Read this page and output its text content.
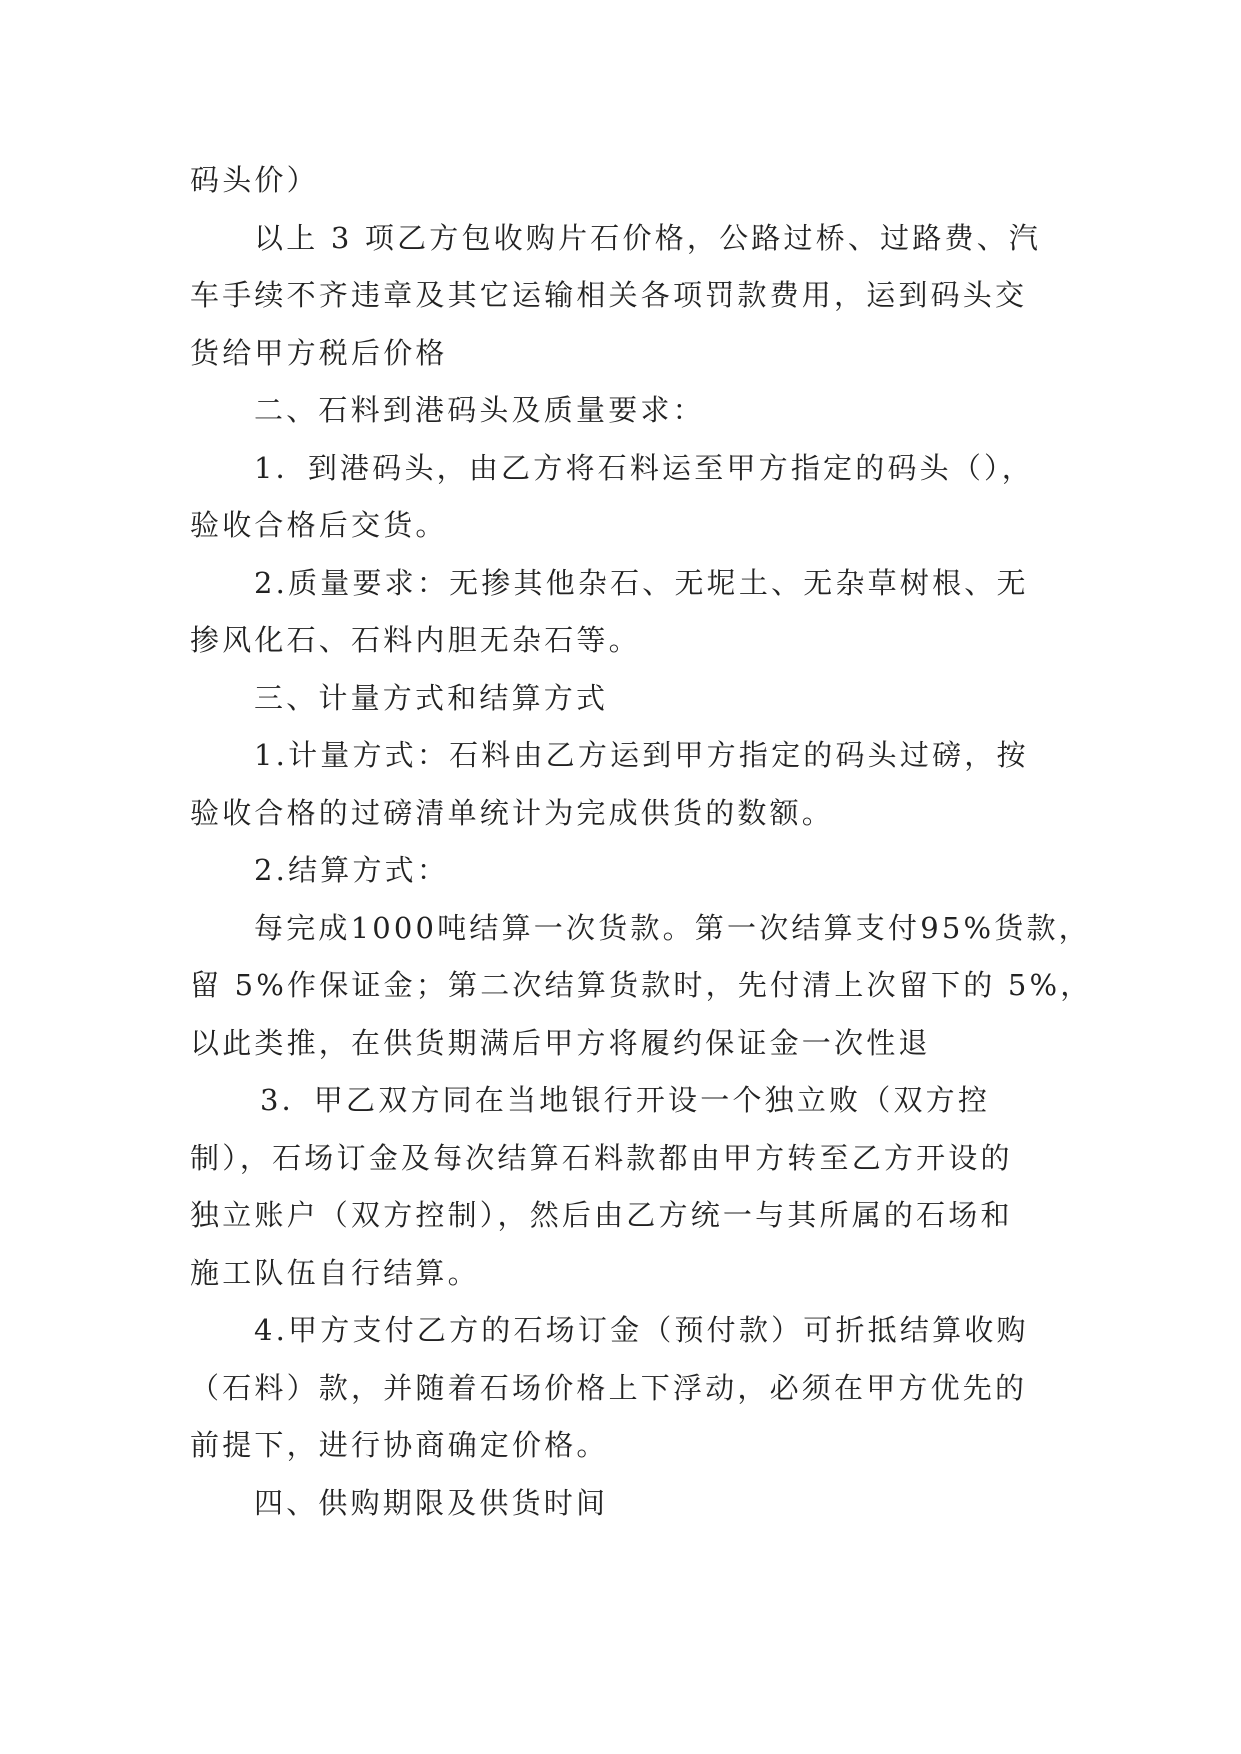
码头价）
以上 3 项乙方包收购片石价格，公路过桥、过路费、汽
车手续不齐违章及其它运输相关各项罚款费用，运到码头交
货给甲方税后价格
二、石料到港码头及质量要求：
1．到港码头，由乙方将石料运至甲方指定的码头（），
验收合格后交货。
2.质量要求：无掺其他杂石、无坭土、无杂草树根、无
掺风化石、石料内胆无杂石等。
三、计量方式和结算方式
1.计量方式：石料由乙方运到甲方指定的码头过磅，按
验收合格的过磅清单统计为完成供货的数额。
2.结算方式：
每完成1000吨结算一次货款。第一次结算支付95%货款，
留 5%作保证金；第二次结算货款时，先付清上次留下的 5%，
以此类推，在供货期满后甲方将履约保证金一次性退
3．甲乙双方同在当地银行开设一个独立败（双方控
制），石场订金及每次结算石料款都由甲方转至乙方开设的
独立账户（双方控制），然后由乙方统一与其所属的石场和
施工队伍自行结算。
4.甲方支付乙方的石场订金（预付款）可折抵结算收购
（石料）款，并随着石场价格上下浮动，必须在甲方优先的
前提下，进行协商确定价格。
四、供购期限及供货时间
